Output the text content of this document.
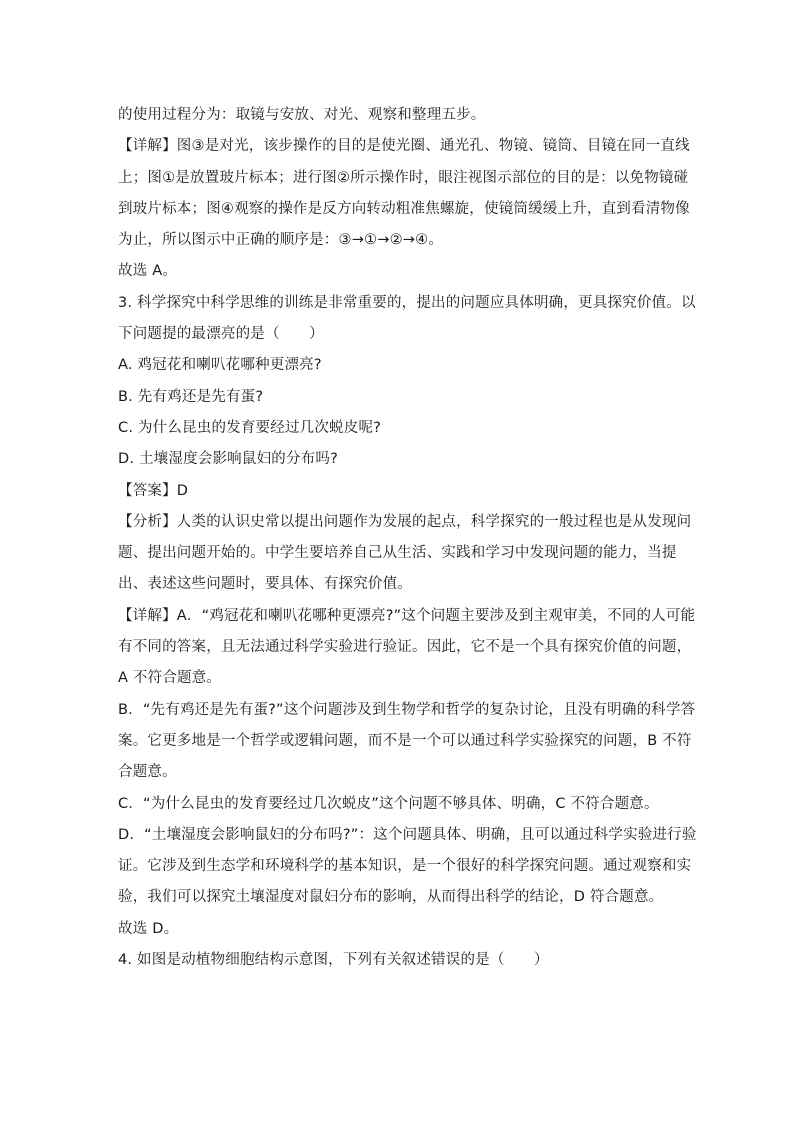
的使用过程分为：取镜与安放、对光、观察和整理五步。
【详解】图③是对光，该步操作的目的是使光圈、通光孔、物镜、镜筒、目镜在同一直线
上；图①是放置玻片标本；进行图②所示操作时，眼注视图示部位的目的是：以免物镜碰
到玻片标本；图④观察的操作是反方向转动粗准焦螺旋，使镜筒缓缓上升，直到看清物像
为止，所以图示中正确的顺序是：③→①→②→④。
故选 A。
3. 科学探究中科学思维的训练是非常重要的，提出的问题应具体明确，更具探究价值。以
下问题提的最漂亮的是（　　）
A. 鸡冠花和喇叭花哪种更漂亮?
B. 先有鸡还是先有蛋?
C. 为什么昆虫的发育要经过几次蜕皮呢?
D. 土壤湿度会影响鼠妇的分布吗?
【答案】D
【分析】人类的认识史常以提出问题作为发展的起点，科学探究的一般过程也是从发现问
题、提出问题开始的。中学生要培养自己从生活、实践和学习中发现问题的能力，当提
出、表述这些问题时，要具体、有探究价值。
【详解】A．“鸡冠花和喇叭花哪种更漂亮?”这个问题主要涉及到主观审美，不同的人可能
有不同的答案，且无法通过科学实验进行验证。因此，它不是一个具有探究价值的问题，
A 不符合题意。
B．“先有鸡还是先有蛋?”这个问题涉及到生物学和哲学的复杂讨论，且没有明确的科学答
案。它更多地是一个哲学或逻辑问题，而不是一个可以通过科学实验探究的问题，B 不符
合题意。
C．“为什么昆虫的发育要经过几次蜕皮”这个问题不够具体、明确，C 不符合题意。
D．“土壤湿度会影响鼠妇的分布吗?”：这个问题具体、明确，且可以通过科学实验进行验
证。它涉及到生态学和环境科学的基本知识，是一个很好的科学探究问题。通过观察和实
验，我们可以探究土壤湿度对鼠妇分布的影响，从而得出科学的结论，D 符合题意。
故选 D。
4. 如图是动植物细胞结构示意图，下列有关叙述错误的是（　　）
